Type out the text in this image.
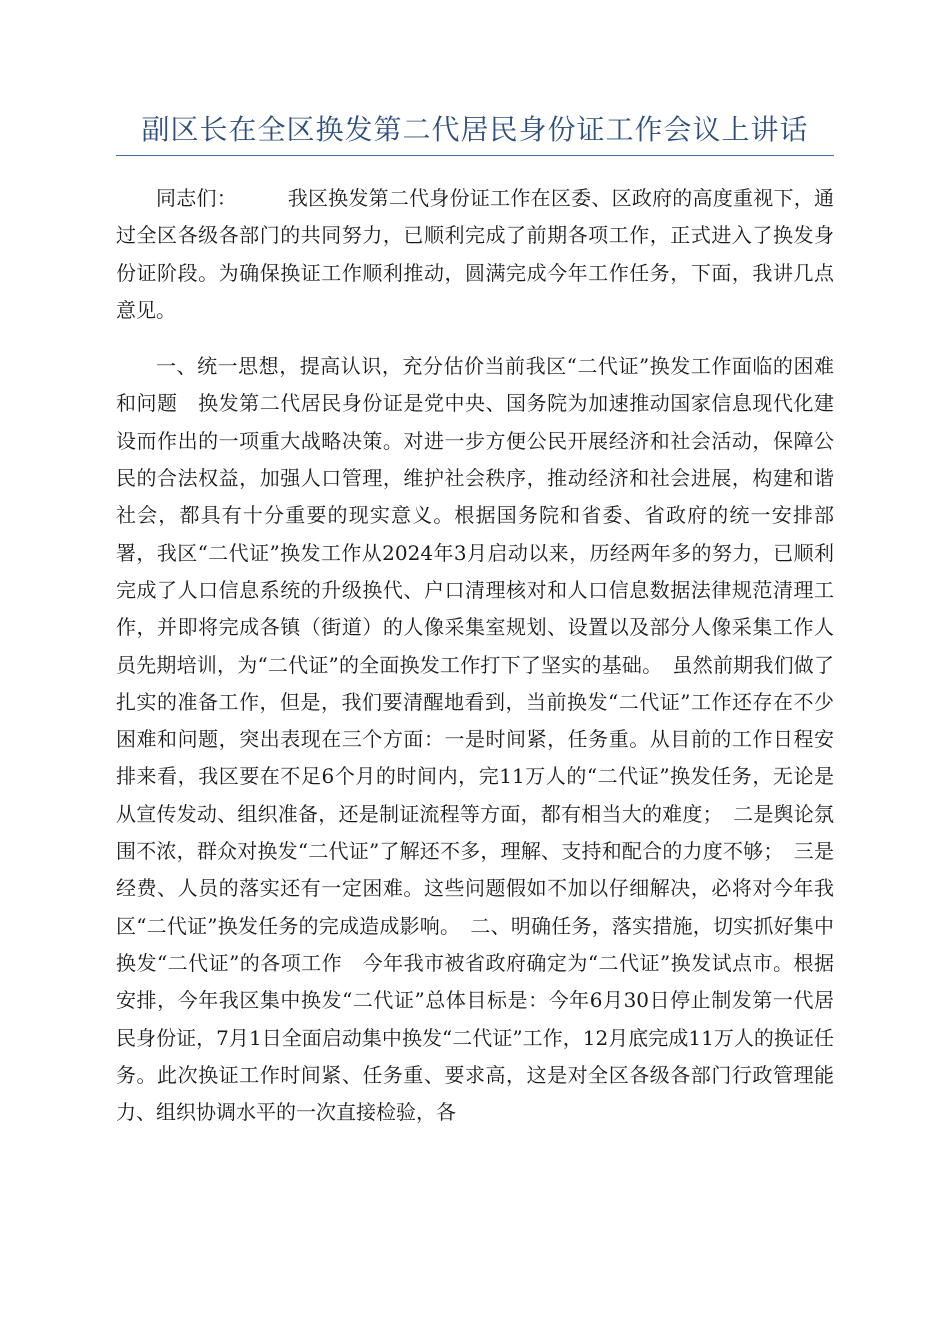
副区长在全区换发第二代居民身份证工作会议上讲话

同志们：　　　我区换发第二代身份证工作在区委、区政府的高度重视下，通过全区各级各部门的共同努力，已顺利完成了前期各项工作，正式进入了换发身份证阶段。为确保换证工作顺利推动，圆满完成今年工作任务，下面，我讲几点意见。

一、统一思想，提高认识，充分估价当前我区“二代证”换发工作面临的困难和问题　换发第二代居民身份证是党中央、国务院为加速推动国家信息现代化建设而作出的一项重大战略决策。对进一步方便公民开展经济和社会活动，保障公民的合法权益，加强人口管理，维护社会秩序，推动经济和社会进展，构建和谐社会，都具有十分重要的现实意义。根据国务院和省委、省政府的统一安排部署，我区“二代证”换发工作从2024年3月启动以来，历经两年多的努力，已顺利完成了人口信息系统的升级换代、户口清理核对和人口信息数据法律规范清理工作，并即将完成各镇（街道）的人像采集室规划、设置以及部分人像采集工作人员先期培训，为“二代证”的全面换发工作打下了坚实的基础。　虽然前期我们做了扎实的准备工作，但是，我们要清醒地看到，当前换发“二代证”工作还存在不少困难和问题，突出表现在三个方面：一是时间紧，任务重。从目前的工作日程安排来看，我区要在不足6个月的时间内，完11万人的“二代证”换发任务，无论是从宣传发动、组织准备，还是制证流程等方面，都有相当大的难度；　二是舆论氛围不浓，群众对换发“二代证”了解还不多，理解、支持和配合的力度不够；　三是经费、人员的落实还有一定困难。这些问题假如不加以仔细解决，必将对今年我区“二代证”换发任务的完成造成影响。　二、明确任务，落实措施，切实抓好集中换发“二代证”的各项工作　今年我市被省政府确定为“二代证”换发试点市。根据安排，今年我区集中换发“二代证”总体目标是：今年6月30日停止制发第一代居民身份证，7月1日全面启动集中换发“二代证”工作，12月底完成11万人的换证任务。此次换证工作时间紧、任务重、要求高，这是对全区各级各部门行政管理能力、组织协调水平的一次直接检验，各
